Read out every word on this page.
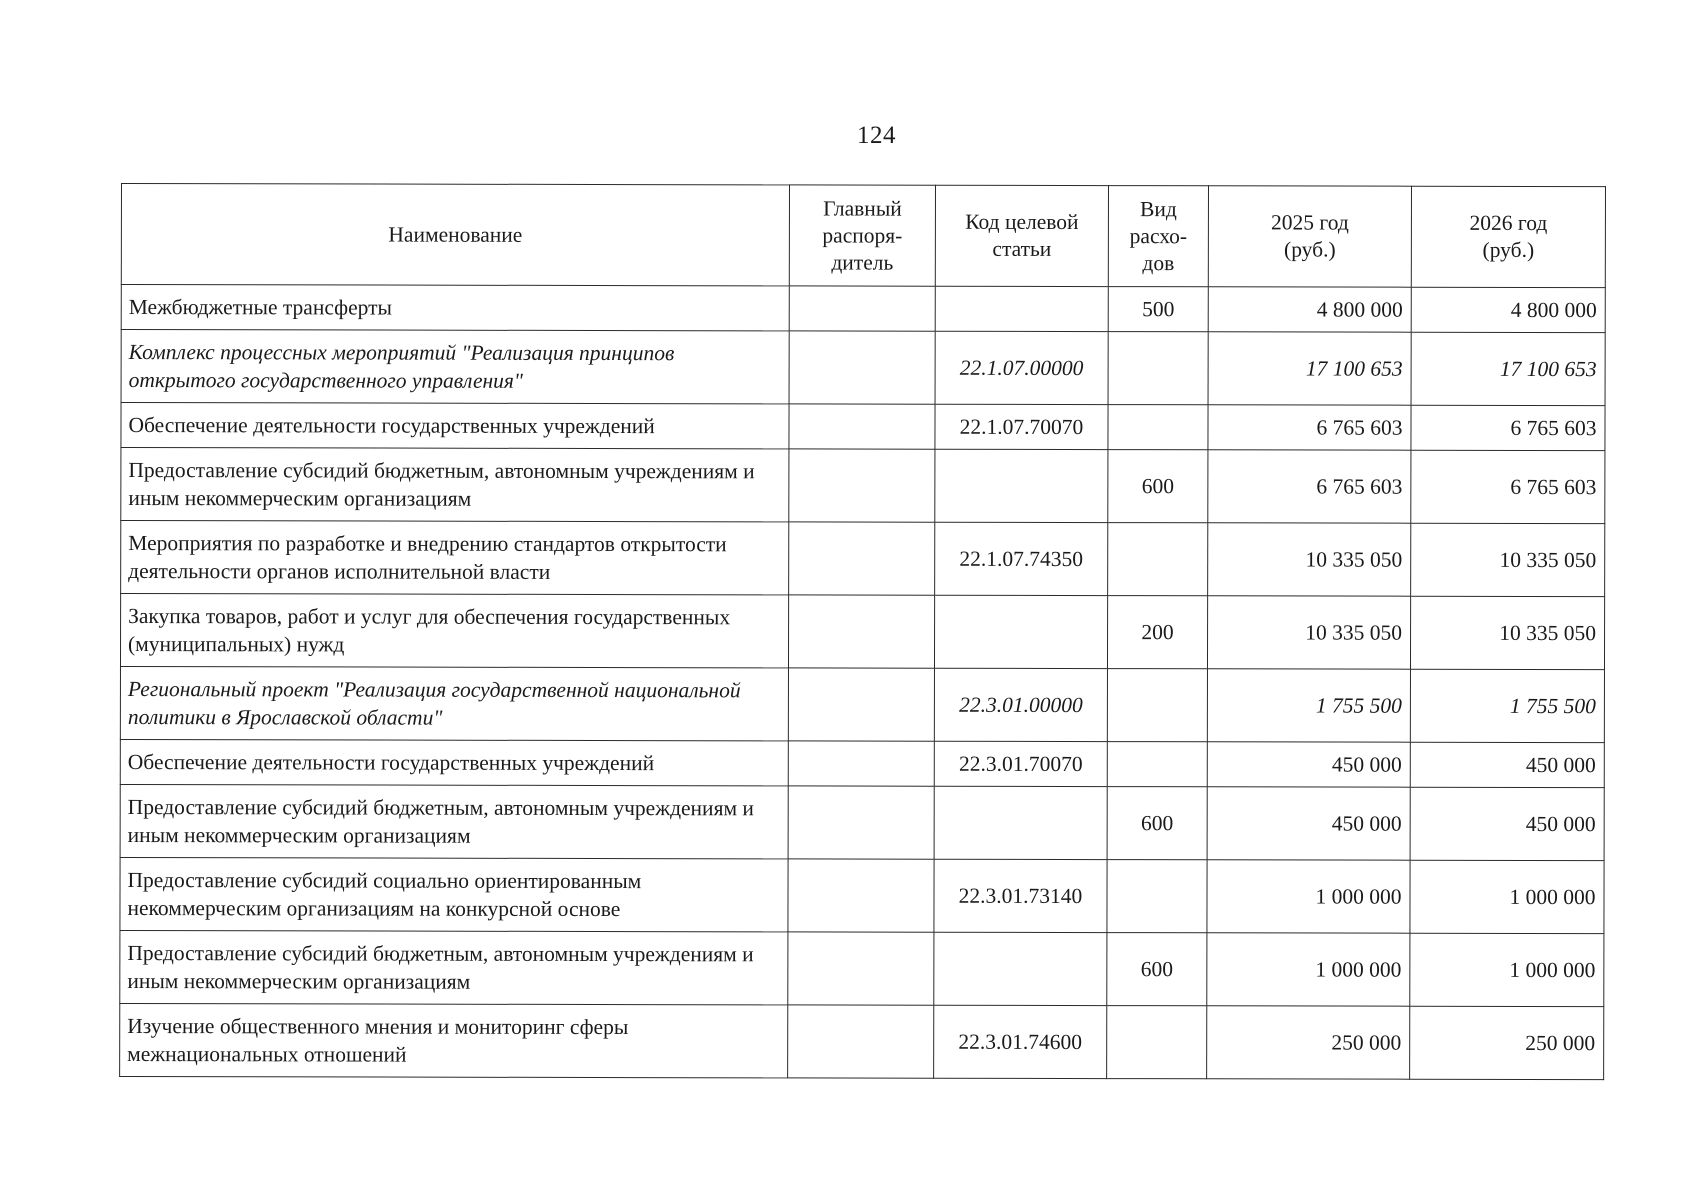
124
Наименование	Главный распоря-дитель	Код целевой статьи	Вид расхо-дов	2025 год (руб.)	2026 год (руб.)
Межбюджетные трансферты			500	4 800 000	4 800 000
Комплекс процессных мероприятий "Реализация принципов открытого государственного управления"		22.1.07.00000		17 100 653	17 100 653
Обеспечение деятельности государственных учреждений		22.1.07.70070		6 765 603	6 765 603
Предоставление субсидий бюджетным, автономным учреждениям и иным некоммерческим организациям			600	6 765 603	6 765 603
Мероприятия по разработке и внедрению стандартов открытости деятельности органов исполнительной власти		22.1.07.74350		10 335 050	10 335 050
Закупка товаров, работ и услуг для обеспечения государственных (муниципальных) нужд			200	10 335 050	10 335 050
Региональный проект "Реализация государственной национальной политики в Ярославской области"		22.3.01.00000		1 755 500	1 755 500
Обеспечение деятельности государственных учреждений		22.3.01.70070		450 000	450 000
Предоставление субсидий бюджетным, автономным учреждениям и иным некоммерческим организациям			600	450 000	450 000
Предоставление субсидий социально ориентированным некоммерческим организациям на конкурсной основе		22.3.01.73140		1 000 000	1 000 000
Предоставление субсидий бюджетным, автономным учреждениям и иным некоммерческим организациям			600	1 000 000	1 000 000
Изучение общественного мнения и мониторинг сферы межнациональных отношений		22.3.01.74600		250 000	250 000
